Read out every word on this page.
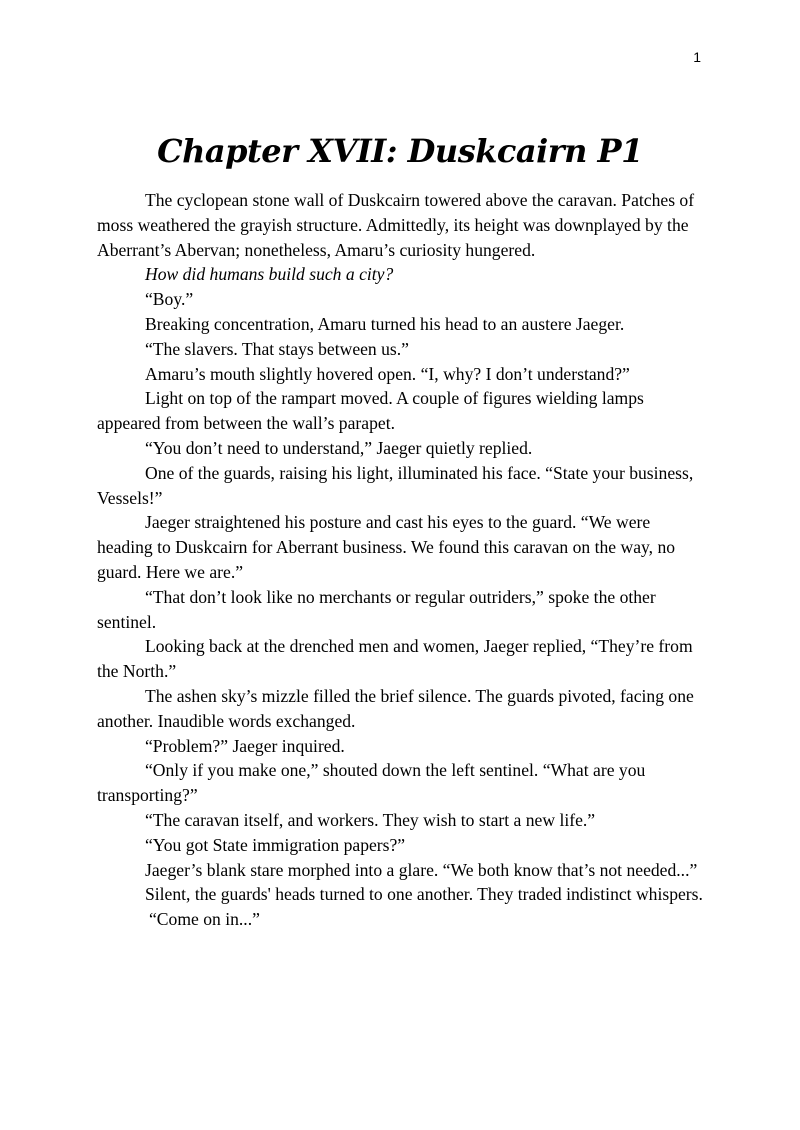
1
Chapter XVII: Duskcairn P1

The cyclopean stone wall of Duskcairn towered above the caravan. Patches of moss weathered the grayish structure. Admittedly, its height was downplayed by the Aberrant’s Abervan; nonetheless, Amaru’s curiosity hungered.

How did humans build such a city?

“Boy.”

Breaking concentration, Amaru turned his head to an austere Jaeger.

“The slavers. That stays between us.”

Amaru’s mouth slightly hovered open. “I, why? I don’t understand?”

Light on top of the rampart moved. A couple of figures wielding lamps appeared from between the wall’s parapet.

“You don’t need to understand,” Jaeger quietly replied.

One of the guards, raising his light, illuminated his face. “State your business, Vessels!”

Jaeger straightened his posture and cast his eyes to the guard. “We were heading to Duskcairn for Aberrant business. We found this caravan on the way, no guard. Here we are.”

“That don’t look like no merchants or regular outriders,” spoke the other sentinel.

Looking back at the drenched men and women, Jaeger replied, “They’re from the North.”

The ashen sky’s mizzle filled the brief silence. The guards pivoted, facing one another. Inaudible words exchanged.

“Problem?” Jaeger inquired.

“Only if you make one,” shouted down the left sentinel. “What are you transporting?”

“The caravan itself, and workers. They wish to start a new life.”

“You got State immigration papers?”

Jaeger’s blank stare morphed into a glare. “We both know that’s not needed...”

Silent, the guards' heads turned to one another. They traded indistinct whispers.

“Come on in...”
